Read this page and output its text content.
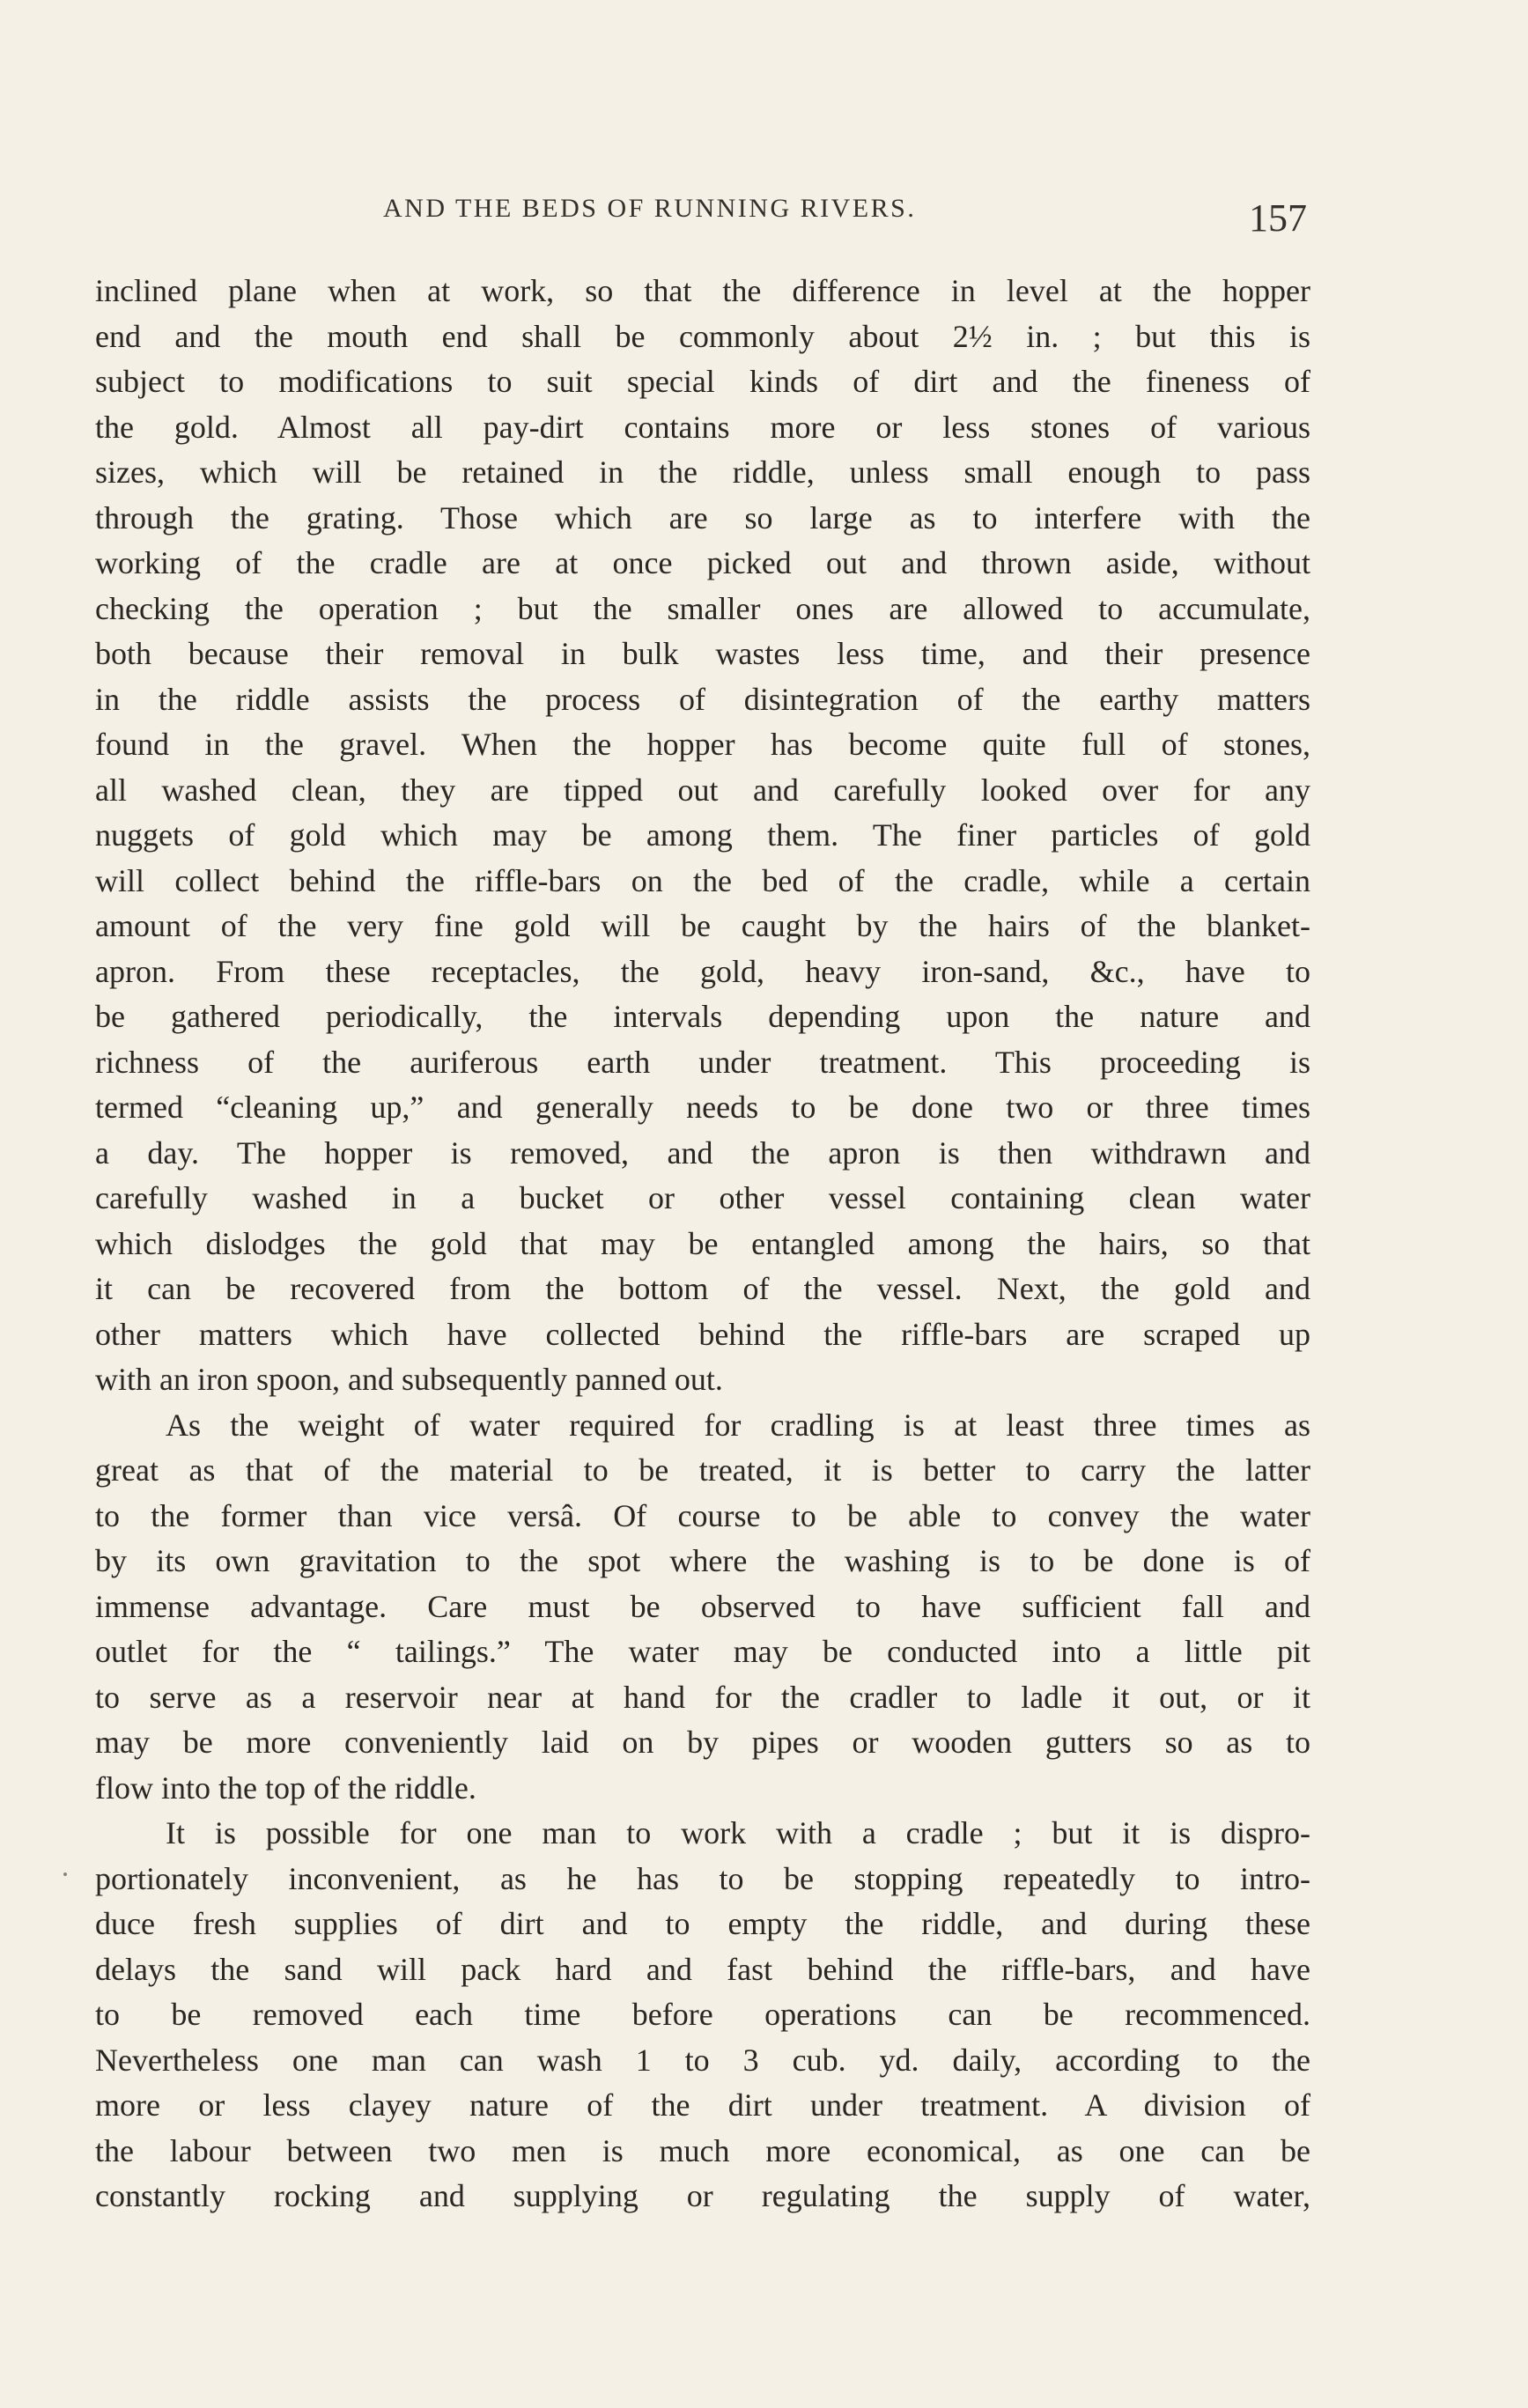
AND THE BEDS OF RUNNING RIVERS.	157
inclined plane when at work, so that the difference in level at the hopper
end and the mouth end shall be commonly about 2½ in. ; but this is
subject to modifications to suit special kinds of dirt and the fineness of
the gold. Almost all pay-dirt contains more or less stones of various
sizes, which will be retained in the riddle, unless small enough to pass
through the grating. Those which are so large as to interfere with the
working of the cradle are at once picked out and thrown aside, without
checking the operation ; but the smaller ones are allowed to accumulate,
both because their removal in bulk wastes less time, and their presence
in the riddle assists the process of disintegration of the earthy matters
found in the gravel. When the hopper has become quite full of stones,
all washed clean, they are tipped out and carefully looked over for any
nuggets of gold which may be among them. The finer particles of gold
will collect behind the riffle-bars on the bed of the cradle, while a certain
amount of the very fine gold will be caught by the hairs of the blanket-
apron. From these receptacles, the gold, heavy iron-sand, &c., have to
be gathered periodically, the intervals depending upon the nature and
richness of the auriferous earth under treatment. This proceeding is
termed “cleaning up,” and generally needs to be done two or three times
a day. The hopper is removed, and the apron is then withdrawn and
carefully washed in a bucket or other vessel containing clean water
which dislodges the gold that may be entangled among the hairs, so that
it can be recovered from the bottom of the vessel. Next, the gold and
other matters which have collected behind the riffle-bars are scraped up
with an iron spoon, and subsequently panned out.
As the weight of water required for cradling is at least three times as
great as that of the material to be treated, it is better to carry the latter
to the former than vice versâ. Of course to be able to convey the water
by its own gravitation to the spot where the washing is to be done is of
immense advantage. Care must be observed to have sufficient fall and
outlet for the “ tailings.” The water may be conducted into a little pit
to serve as a reservoir near at hand for the cradler to ladle it out, or it
may be more conveniently laid on by pipes or wooden gutters so as to
flow into the top of the riddle.
It is possible for one man to work with a cradle ; but it is dispro-
portionately inconvenient, as he has to be stopping repeatedly to intro-
duce fresh supplies of dirt and to empty the riddle, and during these
delays the sand will pack hard and fast behind the riffle-bars, and have
to be removed each time before operations can be recommenced.
Nevertheless one man can wash 1 to 3 cub. yd. daily, according to the
more or less clayey nature of the dirt under treatment. A division of
the labour between two men is much more economical, as one can be
constantly rocking and supplying or regulating the supply of water,
